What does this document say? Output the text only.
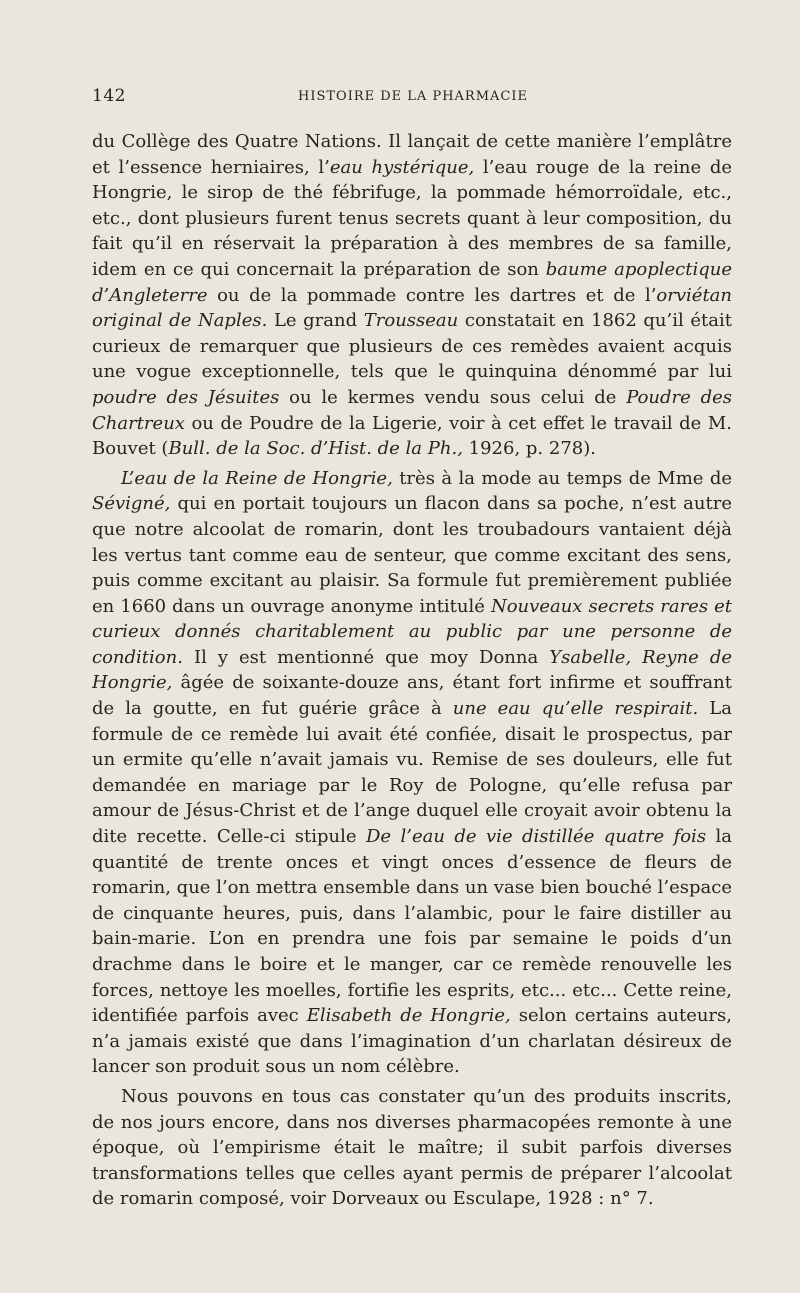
142	HISTOIRE DE LA PHARMACIE

du Collège des Quatre Nations. Il lançait de cette manière l’emplâtre et l’essence herniaires, l’eau hystérique, l’eau rouge de la reine de Hongrie, le sirop de thé fébrifuge, la pommade hémorroïdale, etc., etc., dont plusieurs furent tenus secrets quant à leur composition, du fait qu’il en réservait la préparation à des membres de sa famille, idem en ce qui concernait la préparation de son baume apoplectique d’Angleterre ou de la pommade contre les dartres et de l’orviétan original de Naples. Le grand Trousseau constatait en 1862 qu’il était curieux de remarquer que plusieurs de ces remèdes avaient acquis une vogue exceptionnelle, tels que le quinquina dénommé par lui poudre des Jésuites ou le kermes vendu sous celui de Poudre des Chartreux ou de Poudre de la Ligerie, voir à cet effet le travail de M. Bouvet (Bull. de la Soc. d’Hist. de la Ph., 1926, p. 278).

L’eau de la Reine de Hongrie, très à la mode au temps de Mme de Sévigné, qui en portait toujours un flacon dans sa poche, n’est autre que notre alcoolat de romarin, dont les troubadours vantaient déjà les vertus tant comme eau de senteur, que comme excitant des sens, puis comme excitant au plaisir. Sa formule fut premièrement publiée en 1660 dans un ouvrage anonyme intitulé Nouveaux secrets rares et curieux donnés charitablement au public par une personne de condition. Il y est mentionné que moy Donna Ysabelle, Reyne de Hongrie, âgée de soixante-douze ans, étant fort infirme et souffrant de la goutte, en fut guérie grâce à une eau qu’elle respirait. La formule de ce remède lui avait été confiée, disait le prospectus, par un ermite qu’elle n’avait jamais vu. Remise de ses douleurs, elle fut demandée en mariage par le Roy de Pologne, qu’elle refusa par amour de Jésus-Christ et de l’ange duquel elle croyait avoir obtenu la dite recette. Celle-ci stipule De l’eau de vie distillée quatre fois la quantité de trente onces et vingt onces d’essence de fleurs de romarin, que l’on mettra ensemble dans un vase bien bouché l’espace de cinquante heures, puis, dans l’alambic, pour le faire distiller au bain-marie. L’on en prendra une fois par semaine le poids d’un drachme dans le boire et le manger, car ce remède renouvelle les forces, nettoye les moelles, fortifie les esprits, etc... etc... Cette reine, identifiée parfois avec Elisabeth de Hongrie, selon certains auteurs, n’a jamais existé que dans l’imagination d’un charlatan désireux de lancer son produit sous un nom célèbre.

Nous pouvons en tous cas constater qu’un des produits inscrits, de nos jours encore, dans nos diverses pharmacopées remonte à une époque, où l’empirisme était le maître; il subit parfois diverses transformations telles que celles ayant permis de préparer l’alcoolat de romarin composé, voir Dorveaux ou Esculape, 1928 : n° 7.
